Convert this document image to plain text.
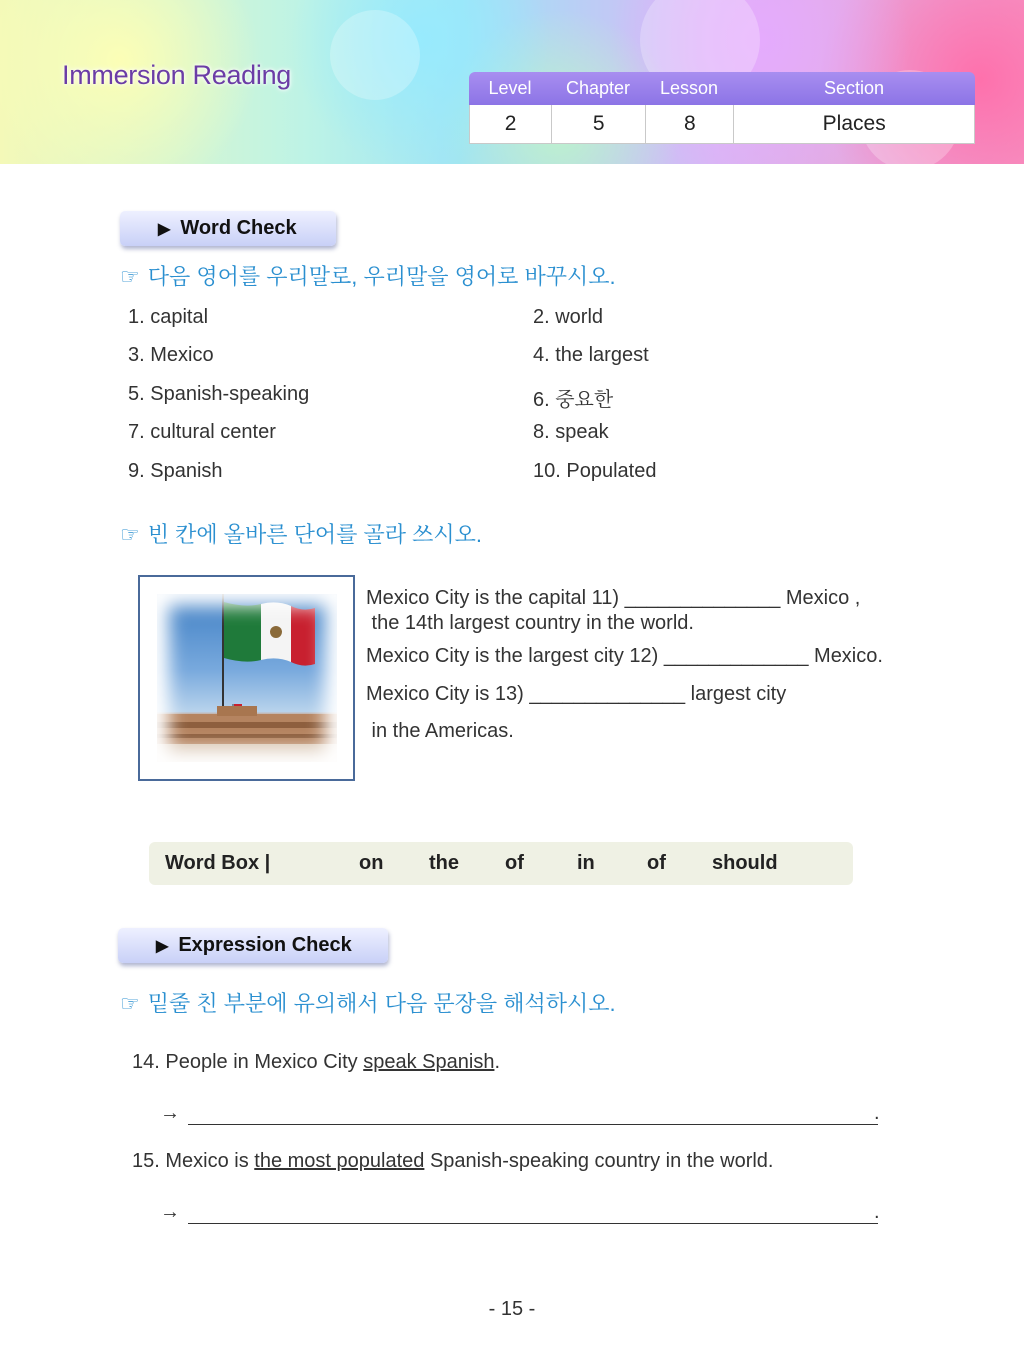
Immersion Reading	Level	Chapter	Lesson	Section
2	5	8	Places
▶ Word Check
☞ 다음 영어를 우리말로, 우리말을 영어로 바꾸시오.
1. capital	2. world
3. Mexico	4. the largest
5. Spanish-speaking	6. 중요한
7. cultural center	8. speak
9. Spanish	10. Populated
☞ 빈 칸에 올바른 단어를 골라 쓰시오.
Mexico City is the capital 11) ______________ Mexico ,
the 14th largest country in the world.
Mexico City is the largest city 12) _____________ Mexico.
Mexico City is 13) ______________ largest city
in the Americas.
Word Box |	on	the	of	in	of	should
▶ Expression Check
☞ 밑줄 친 부분에 유의해서 다음 문장을 해석하시오.
14. People in Mexico City speak Spanish.
→	.
15. Mexico is the most populated Spanish-speaking country in the world.
→	.
- 15 -
